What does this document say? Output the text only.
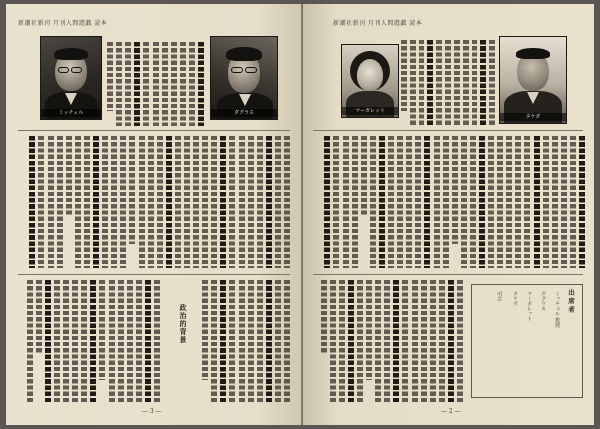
新潮社新刊 月刊人間遊戯 読本
ミッチェル	ダグラス
政治的背景
— 3 —
新潮社新刊 月刊人間遊戯 読本
マーガレット
タケダ
出席者
ミッチェル 教授
ダグラス
マーガレット
タケダ
司会
— 2 —
